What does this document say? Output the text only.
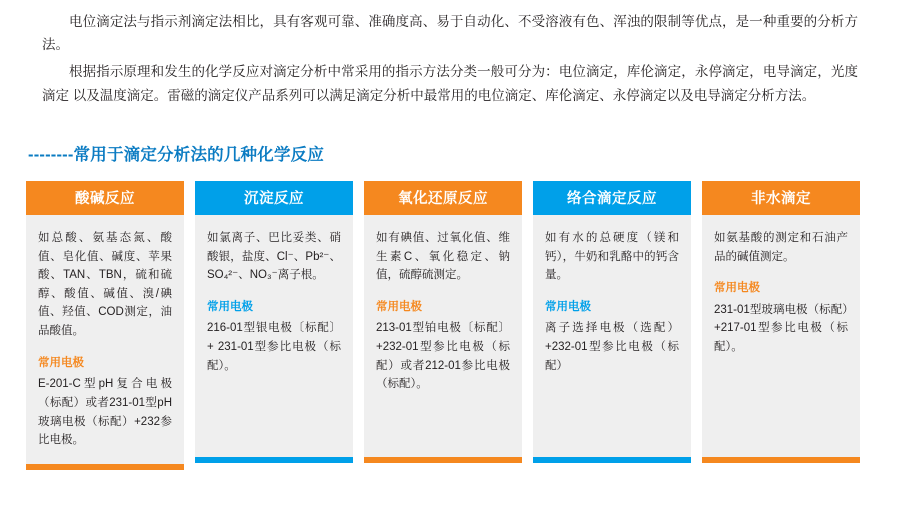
电位滴定法与指示剂滴定法相比，具有客观可靠、准确度高、易于自动化、不受溶液有色、浑浊的限制等优点，是一种重要的分析方法。

根据指示原理和发生的化学反应对滴定分析中常采用的指示方法分类一般可分为：电位滴定，库伦滴定，永停滴定，电导滴定，光度滴定 以及温度滴定。雷磁的滴定仪产品系列可以满足滴定分析中最常用的电位滴定、库伦滴定、永停滴定以及电导滴定分析方法。

--------常用于滴定分析法的几种化学反应
酸碱反应

如总酸、氨基态氮、酸值、皂化值、碱度、苹果酸、TAN、TBN，硫和硫醇、酸值、碱值、溴/碘值、羟值、COD测定，油品酸值。

常用电极

E-201-C型pH复合电极（标配）或者231-01型pH玻璃电极（标配）+232参比电极。

沉淀反应

如氯离子、巴比妥类、硝酸银，盐度、Cl⁻、Pb²⁻、SO₄²⁻、NO₃⁻离子根。

常用电极

216-01型银电极〔标配〕+ 231-01型参比电极（标配）。

氧化还原反应

如有碘值、过氧化值、维生素C、氧化稳定、钠值，硫醇硫测定。

常用电极

213-01型铂电极〔标配〕+232-01型参比电极（标配）或者212-01参比电极（标配）。

络合滴定反应

如有水的总硬度（镁和钙），牛奶和乳酪中的钙含量。

常用电极

离子选择电极（选配）+232-01型参比电极（标配）

非水滴定

如氨基酸的测定和石油产品的碱值测定。

常用电极

231-01型玻璃电极（标配）+217-01型参比电极（标配）。
